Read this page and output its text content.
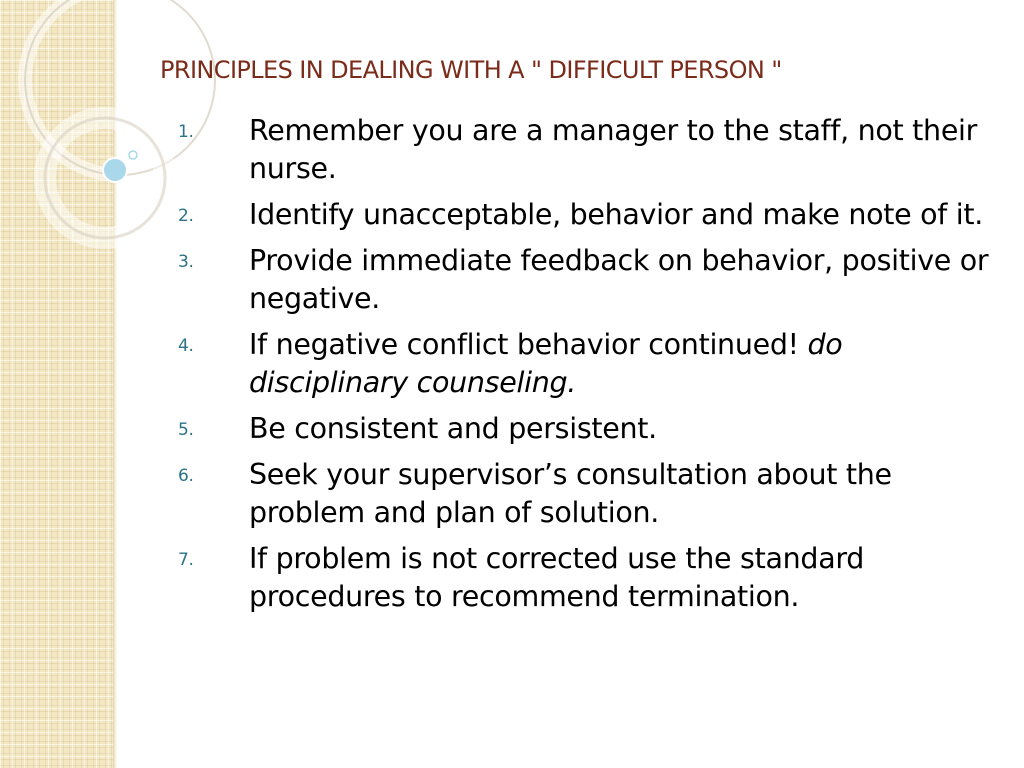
PRINCIPLES IN DEALING WITH A " DIFFICULT PERSON "
1. Remember you are a manager to the staff, not their nurse.
2. Identify unacceptable, behavior and make note of it.
3. Provide immediate feedback on behavior, positive or negative.
4. If negative conflict behavior continued! do disciplinary counseling.
5. Be consistent and persistent.
6. Seek your supervisor’s consultation about the problem and plan of solution.
7. If problem is not corrected use the standard procedures to recommend termination.
